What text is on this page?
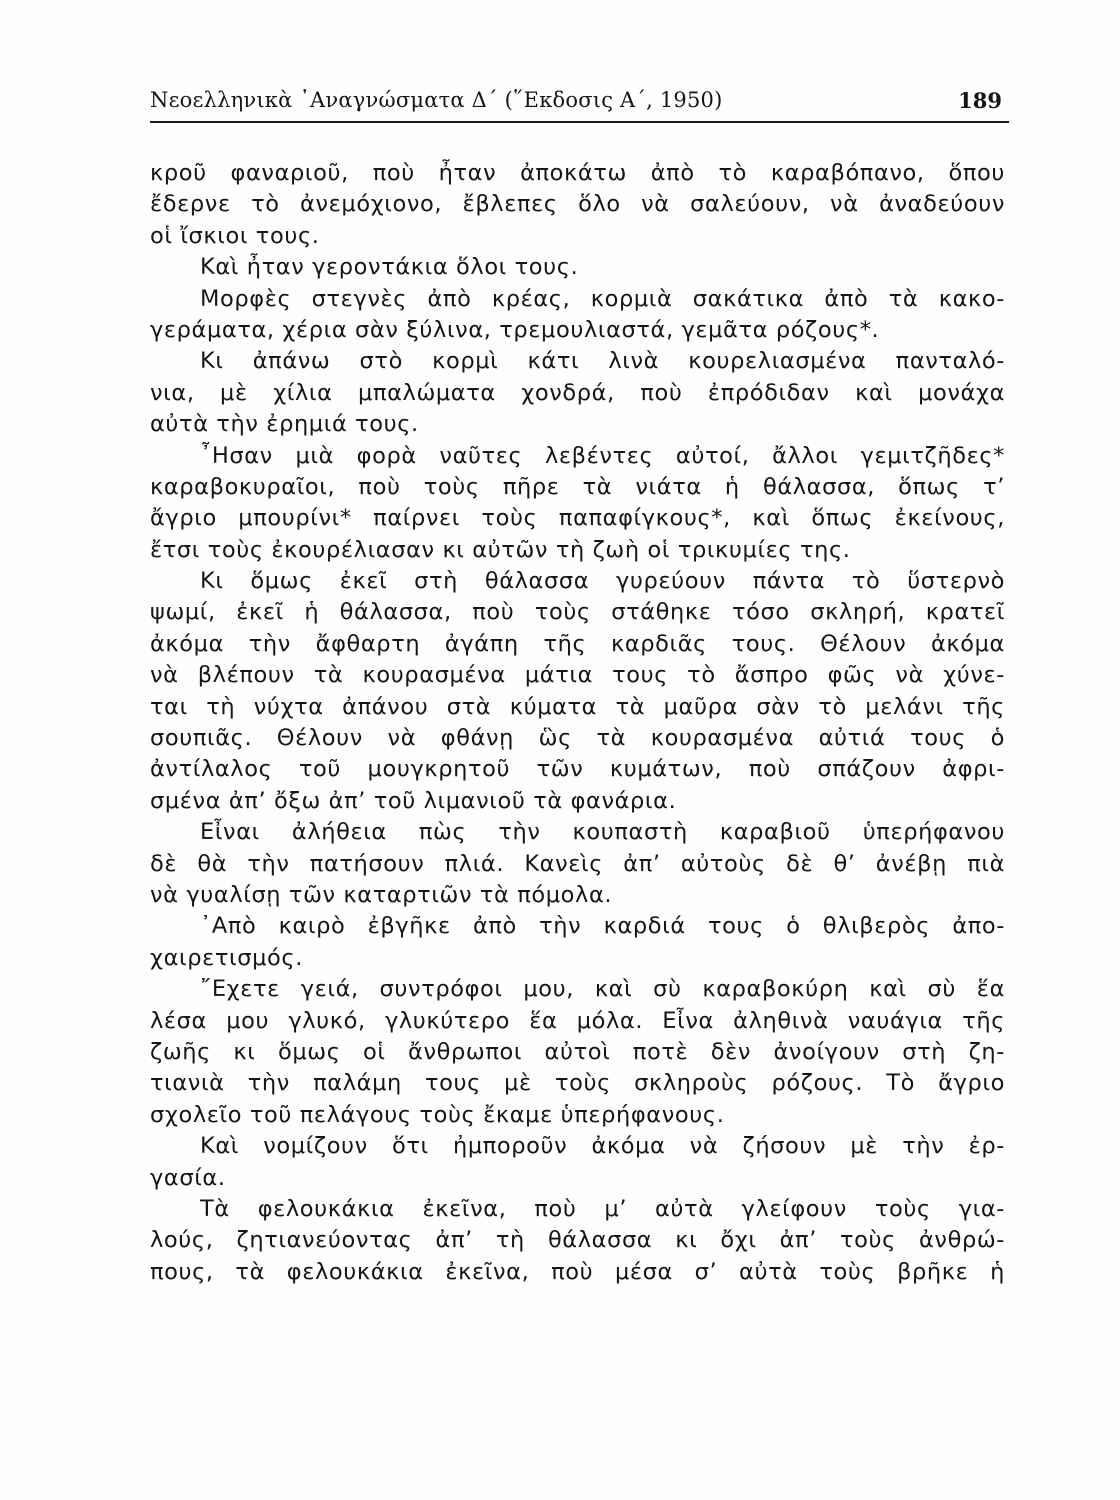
Νεοελληνικὰ ᾿Αναγνώσματα Δ΄ (῞Εκδοσις Α΄, 1950)	189
κροῦ φαναριοῦ, ποὺ ἦταν ἀποκάτω ἀπὸ τὸ καραβόπανο, ὅπου
ἔδερνε τὸ ἀνεμόχιονο, ἔβλεπες ὅλο νὰ σαλεύουν, νὰ ἀναδεύουν
οἱ ἴσκιοι τους.
Καὶ ἦταν γεροντάκια ὅλοι τους.
Μορφὲς στεγνὲς ἀπὸ κρέας, κορμιὰ σακάτικα ἀπὸ τὰ κακο-
γεράματα, χέρια σὰν ξύλινα, τρεμουλιαστά, γεμᾶτα ρόζους*.
Κι ἀπάνω στὸ κορμὶ κάτι λινὰ κουρελιασμένα πανταλό-
νια, μὲ χίλια μπαλώματα χονδρά, ποὺ ἐπρόδιδαν καὶ μονάχα
αὐτὰ τὴν ἐρημιά τους.
῏Ησαν μιὰ φορὰ ναῦτες λεβέντες αὐτοί, ἄλλοι γεμιτζῆδες*
καραβοκυραῖοι, ποὺ τοὺς πῆρε τὰ νιάτα ἡ θάλασσα, ὅπως τ’
ἄγριο μπουρίνι* παίρνει τοὺς παπαφίγκους*, καὶ ὅπως ἐκείνους,
ἔτσι τοὺς ἐκουρέλιασαν κι αὐτῶν τὴ ζωὴ οἱ τρικυμίες της.
Κι ὅμως ἐκεῖ στὴ θάλασσα γυρεύουν πάντα τὸ ὕστερνὸ
ψωμί, ἐκεῖ ἡ θάλασσα, ποὺ τοὺς στάθηκε τόσο σκληρή, κρατεῖ
ἀκόμα τὴν ἄφθαρτη ἀγάπη τῆς καρδιᾶς τους. Θέλουν ἀκόμα
νὰ βλέπουν τὰ κουρασμένα μάτια τους τὸ ἄσπρο φῶς νὰ χύνε-
ται τὴ νύχτα ἀπάνου στὰ κύματα τὰ μαῦρα σὰν τὸ μελάνι τῆς
σουπιᾶς. Θέλουν νὰ φθάνῃ ὣς τὰ κουρασμένα αὐτιά τους ὁ
ἀντίλαλος τοῦ μουγκρητοῦ τῶν κυμάτων, ποὺ σπάζουν ἀφρι-
σμένα ἀπ’ ὄξω ἀπ’ τοῦ λιμανιοῦ τὰ φανάρια.
Εἶναι ἀλήθεια πὼς τὴν κουπαστὴ καραβιοῦ ὑπερήφανου
δὲ θὰ τὴν πατήσουν πλιά. Κανεὶς ἀπ’ αὐτοὺς δὲ θ’ ἀνέβῃ πιὰ
νὰ γυαλίσῃ τῶν καταρτιῶν τὰ πόμολα.
᾿Απὸ καιρὸ ἐβγῆκε ἀπὸ τὴν καρδιά τους ὁ θλιβερὸς ἀπο-
χαιρετισμός.
῎Εχετε γειά, συντρόφοι μου, καὶ σὺ καραβοκύρη καὶ σὺ ἕα
λέσα μου γλυκό, γλυκύτερο ἕα μόλα. Εἶνα ἀληθινὰ ναυάγια τῆς
ζωῆς κι ὅμως οἱ ἄνθρωποι αὐτοὶ ποτὲ δὲν ἀνοίγουν στὴ ζη-
τιανιὰ τὴν παλάμη τους μὲ τοὺς σκληροὺς ρόζους. Τὸ ἄγριο
σχολεῖο τοῦ πελάγους τοὺς ἔκαμε ὑπερήφανους.
Καὶ νομίζουν ὅτι ἠμποροῦν ἀκόμα νὰ ζήσουν μὲ τὴν ἐρ-
γασία.
Τὰ φελουκάκια ἐκεῖνα, ποὺ μ’ αὐτὰ γλείφουν τοὺς για-
λούς, ζητιανεύοντας ἀπ’ τὴ θάλασσα κι ὄχι ἀπ’ τοὺς ἀνθρώ-
πους, τὰ φελουκάκια ἐκεῖνα, ποὺ μέσα σ’ αὐτὰ τοὺς βρῆκε ἡ
